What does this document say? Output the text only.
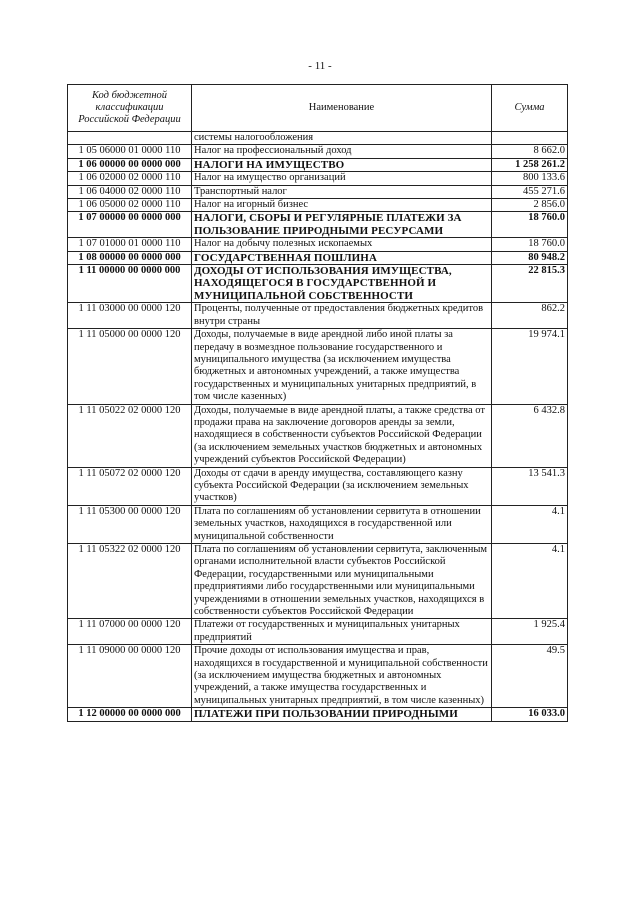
- 11 -
Код бюджетной классификации Российской Федерации	Наименование	Сумма
	системы налогообложения	
1 05 06000 01 0000 110	Налог на профессиональный доход	8 662.0
1 06 00000 00 0000 000	НАЛОГИ НА ИМУЩЕСТВО	1 258 261.2
1 06 02000 02 0000 110	Налог на имущество организаций	800 133.6
1 06 04000 02 0000 110	Транспортный налог	455 271.6
1 06 05000 02 0000 110	Налог на игорный бизнес	2 856.0
1 07 00000 00 0000 000	НАЛОГИ, СБОРЫ И РЕГУЛЯРНЫЕ ПЛАТЕЖИ ЗА ПОЛЬЗОВАНИЕ ПРИРОДНЫМИ РЕСУРСАМИ	18 760.0
1 07 01000 01 0000 110	Налог на добычу полезных ископаемых	18 760.0
1 08 00000 00 0000 000	ГОСУДАРСТВЕННАЯ ПОШЛИНА	80 948.2
1 11 00000 00 0000 000	ДОХОДЫ ОТ ИСПОЛЬЗОВАНИЯ ИМУЩЕСТВА, НАХОДЯЩЕГОСЯ В ГОСУДАРСТВЕННОЙ И МУНИЦИПАЛЬНОЙ СОБСТВЕННОСТИ	22 815.3
1 11 03000 00 0000 120	Проценты, полученные от предоставления бюджетных кредитов внутри страны	862.2
1 11 05000 00 0000 120	Доходы, получаемые в виде арендной либо иной платы за передачу в возмездное пользование государственного и муниципального имущества (за исключением имущества бюджетных и автономных учреждений, а также имущества государственных и муниципальных унитарных предприятий, в том числе казенных)	19 974.1
1 11 05022 02 0000 120	Доходы, получаемые в виде арендной платы, а также средства от продажи права на заключение договоров аренды за земли, находящиеся в собственности субъектов Российской Федерации (за исключением земельных участков бюджетных и автономных учреждений субъектов Российской Федерации)	6 432.8
1 11 05072 02 0000 120	Доходы от сдачи в аренду имущества, составляющего казну субъекта Российской Федерации (за исключением земельных участков)	13 541.3
1 11 05300 00 0000 120	Плата по соглашениям об установлении сервитута в отношении земельных участков, находящихся в государственной или муниципальной собственности	4.1
1 11 05322 02 0000 120	Плата по соглашениям об установлении сервитута, заключенным органами исполнительной власти субъектов Российской Федерации, государственными или муниципальными предприятиями либо государственными или муниципальными учреждениями в отношении земельных участков, находящихся в собственности субъектов Российской Федерации	4.1
1 11 07000 00 0000 120	Платежи от государственных и муниципальных унитарных предприятий	1 925.4
1 11 09000 00 0000 120	Прочие доходы от использования имущества и прав, находящихся в государственной и муниципальной собственности (за исключением имущества бюджетных и автономных учреждений, а также имущества государственных и муниципальных унитарных предприятий, в том числе казенных)	49.5
1 12 00000 00 0000 000	ПЛАТЕЖИ ПРИ ПОЛЬЗОВАНИИ ПРИРОДНЫМИ	16 033.0
